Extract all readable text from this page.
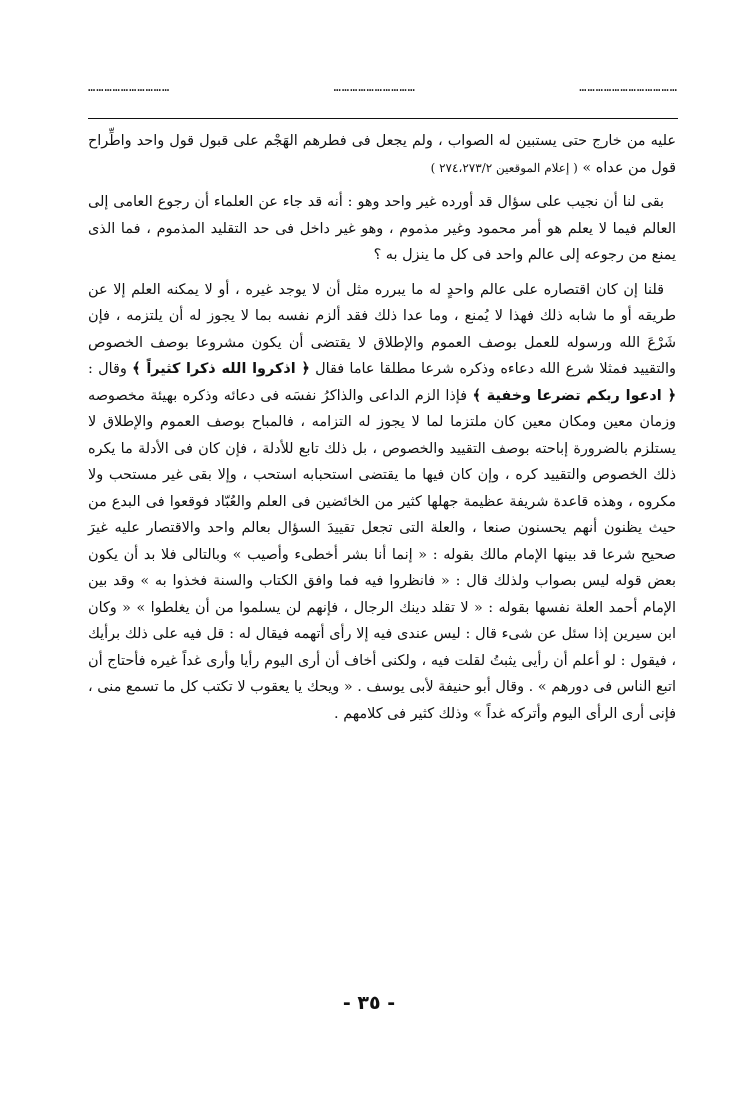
…………………………	…………………………	………………………………

عليه من خارج حتى يستبين له الصواب ، ولم يجعل فى فطرهم الهَجْم على قبول قول واحد واطِّراح قول من عداه » ( إعلام الموقعين ٢٧٤،٢٧٣/٢ )

بقى لنا أن نجيب على سؤال قد أورده غير واحد وهو : أنه قد جاء عن العلماء أن رجوع العامى إلى العالم فيما لا يعلم هو أمر محمود وغير مذموم ، وهو غير داخل فى حد التقليد المذموم ، فما الذى يمنع من رجوعه إلى عالم واحد فى كل ما ينزل به ؟

قلنا إن كان اقتصاره على عالم واحدٍ له ما يبرره مثل أن لا يوجد غيره ، أو لا يمكنه العلم إلا عن طريقه أو ما شابه ذلك فهذا لا يُمنع ، وما عدا ذلك فقد ألزم نفسه بما لا يجوز له أن يلتزمه ، فإن شَرْعَ الله ورسوله للعمل بوصف العموم والإطلاق لا يقتضى أن يكون مشروعا بوصف الخصوص والتقييد فمثلا شرع الله دعاءه وذكره شرعا مطلقا عاما فقال ﴿ اذكروا الله ذكرا كثيراً ﴾ وقال : ﴿ ادعوا ربكم تضرعا وخفية ﴾ فإذا الزم الداعى والذاكرُ نفسَه فى دعائه وذكره بهيئة مخصوصه وزمان معين ومكان معين كان ملتزما لما لا يجوز له التزامه ، فالمباح بوصف العموم والإطلاق لا يستلزم بالضرورة إباحته بوصف التقييد والخصوص ، بل ذلك تابع للأدلة ، فإن كان فى الأدلة ما يكره ذلك الخصوص والتقييد كره ، وإن كان فيها ما يقتضى استحبابه استحب ، وإلا بقى غير مستحب ولا مكروه ، وهذه قاعدة شريفة عظيمة جهلها كثير من الخائضين فى العلم والعُبّاد فوقعوا فى البدع من حيث يظنون أنهم يحسنون صنعا ، والعلة التى تجعل تقييدَ السؤال بعالم واحد والاقتصار عليه غيرَ صحيح شرعا قد بينها الإمام مالك بقوله : « إنما أنا بشر أخطىء وأصيب » وبالتالى فلا بد أن يكون بعض قوله ليس بصواب ولذلك قال : « فانظروا فيه فما وافق الكتاب والسنة فخذوا به » وقد بين الإمام أحمد العلة نفسها بقوله : « لا تقلد دينك الرجال ، فإنهم لن يسلموا من أن يغلطوا » « وكان ابن سيرين إذا سئل عن شىء قال : ليس عندى فيه إلا رأى أتهمه فيقال له : قل فيه على ذلك برأيك ، فيقول : لو أعلم أن رأيى يثبتُ لقلت فيه ، ولكنى أخاف أن أرى اليوم رأيا وأرى غداً غيره فأحتاج أن اتبع الناس فى دورهم » . وقال أبو حنيفة لأبى يوسف . « ويحك يا يعقوب لا تكتب كل ما تسمع منى ، فإنى أرى الرأى اليوم وأتركه غداً » وذلك كثير فى كلامهم .

- ٣٥ -
